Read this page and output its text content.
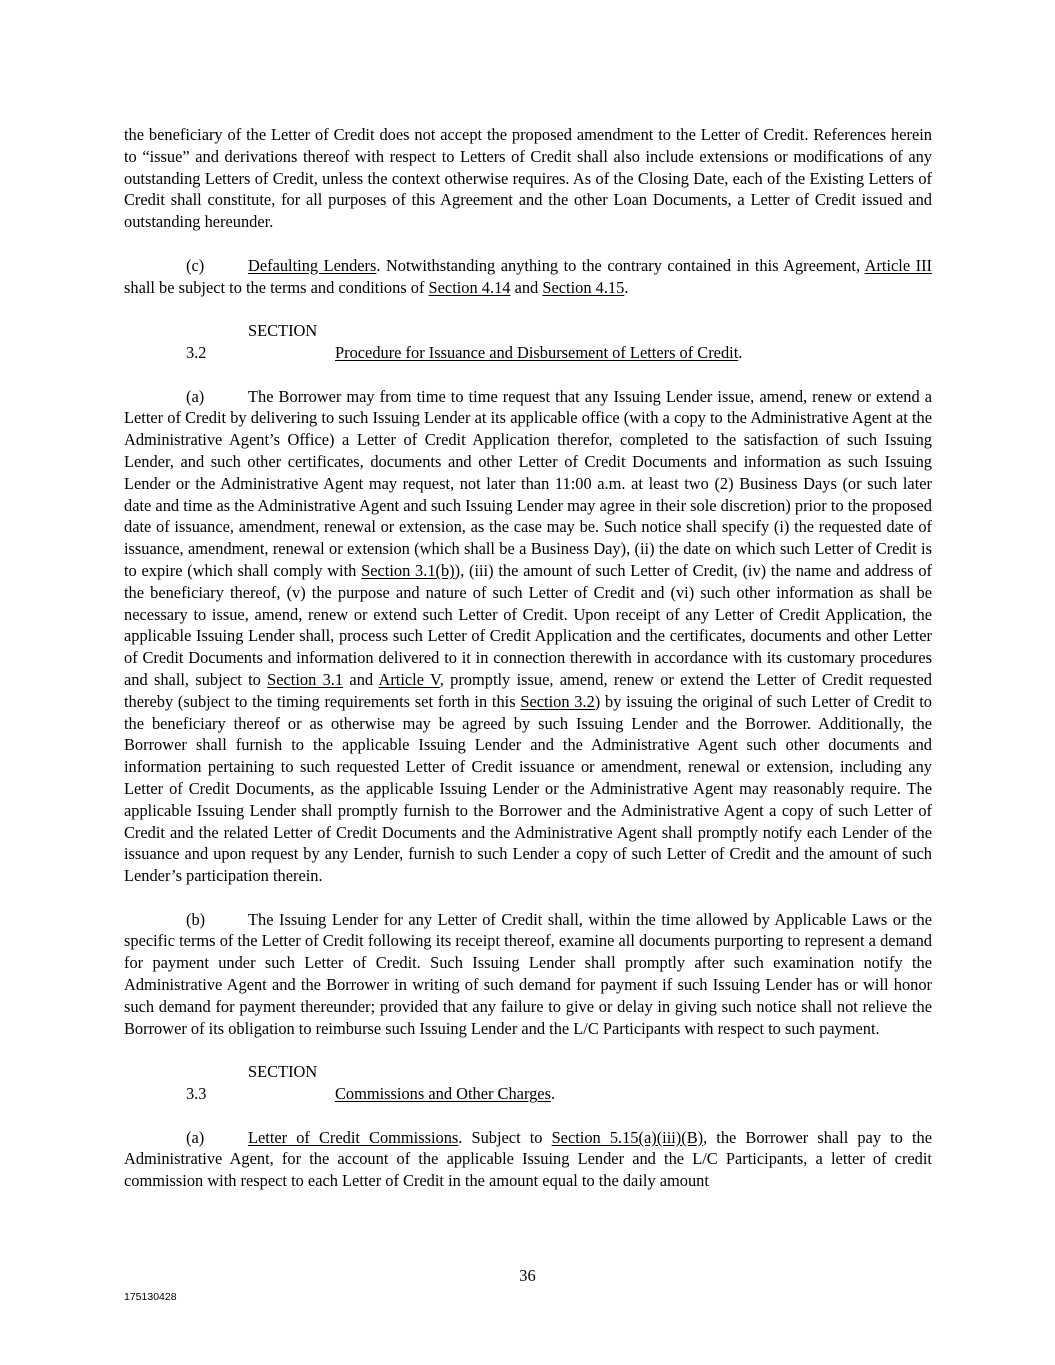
the beneficiary of the Letter of Credit does not accept the proposed amendment to the Letter of Credit. References herein to “issue” and derivations thereof with respect to Letters of Credit shall also include extensions or modifications of any outstanding Letters of Credit, unless the context otherwise requires. As of the Closing Date, each of the Existing Letters of Credit shall constitute, for all purposes of this Agreement and the other Loan Documents, a Letter of Credit issued and outstanding hereunder.

(c)	Defaulting Lenders. Notwithstanding anything to the contrary contained in this Agreement, Article III shall be subject to the terms and conditions of Section 4.14 and Section 4.15.

SECTION 3.2	Procedure for Issuance and Disbursement of Letters of Credit.

(a)	The Borrower may from time to time request that any Issuing Lender issue, amend, renew or extend a Letter of Credit by delivering to such Issuing Lender at its applicable office (with a copy to the Administrative Agent at the Administrative Agent’s Office) a Letter of Credit Application therefor, completed to the satisfaction of such Issuing Lender, and such other certificates, documents and other Letter of Credit Documents and information as such Issuing Lender or the Administrative Agent may request, not later than 11:00 a.m. at least two (2) Business Days (or such later date and time as the Administrative Agent and such Issuing Lender may agree in their sole discretion) prior to the proposed date of issuance, amendment, renewal or extension, as the case may be. Such notice shall specify (i) the requested date of issuance, amendment, renewal or extension (which shall be a Business Day), (ii) the date on which such Letter of Credit is to expire (which shall comply with Section 3.1(b)), (iii) the amount of such Letter of Credit, (iv) the name and address of the beneficiary thereof, (v) the purpose and nature of such Letter of Credit and (vi) such other information as shall be necessary to issue, amend, renew or extend such Letter of Credit. Upon receipt of any Letter of Credit Application, the applicable Issuing Lender shall, process such Letter of Credit Application and the certificates, documents and other Letter of Credit Documents and information delivered to it in connection therewith in accordance with its customary procedures and shall, subject to Section 3.1 and Article V, promptly issue, amend, renew or extend the Letter of Credit requested thereby (subject to the timing requirements set forth in this Section 3.2) by issuing the original of such Letter of Credit to the beneficiary thereof or as otherwise may be agreed by such Issuing Lender and the Borrower. Additionally, the Borrower shall furnish to the applicable Issuing Lender and the Administrative Agent such other documents and information pertaining to such requested Letter of Credit issuance or amendment, renewal or extension, including any Letter of Credit Documents, as the applicable Issuing Lender or the Administrative Agent may reasonably require. The applicable Issuing Lender shall promptly furnish to the Borrower and the Administrative Agent a copy of such Letter of Credit and the related Letter of Credit Documents and the Administrative Agent shall promptly notify each Lender of the issuance and upon request by any Lender, furnish to such Lender a copy of such Letter of Credit and the amount of such Lender’s participation therein.

(b)	The Issuing Lender for any Letter of Credit shall, within the time allowed by Applicable Laws or the specific terms of the Letter of Credit following its receipt thereof, examine all documents purporting to represent a demand for payment under such Letter of Credit. Such Issuing Lender shall promptly after such examination notify the Administrative Agent and the Borrower in writing of such demand for payment if such Issuing Lender has or will honor such demand for payment thereunder; provided that any failure to give or delay in giving such notice shall not relieve the Borrower of its obligation to reimburse such Issuing Lender and the L/C Participants with respect to such payment.

SECTION 3.3	Commissions and Other Charges.

(a)	Letter of Credit Commissions. Subject to Section 5.15(a)(iii)(B), the Borrower shall pay to the Administrative Agent, for the account of the applicable Issuing Lender and the L/C Participants, a letter of credit commission with respect to each Letter of Credit in the amount equal to the daily amount

36
175130428
